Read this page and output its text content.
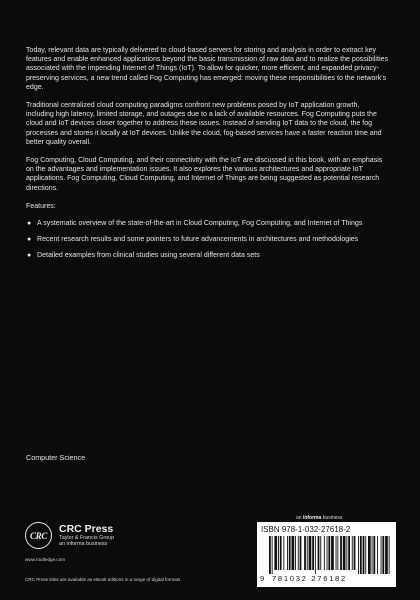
Today, relevant data are typically delivered to cloud-based servers for storing and analysis in order to extract key features and enable enhanced applications beyond the basic transmission of raw data and to realize the possibilities associated with the impending Internet of Things (IoT). To allow for quicker, more efficient, and expanded privacy-preserving services, a new trend called Fog Computing has emerged: moving these responsibilities to the network's edge.

Traditional centralized cloud computing paradigms confront new problems posed by IoT application growth, including high latency, limited storage, and outages due to a lack of available resources. Fog Computing puts the cloud and IoT devices closer together to address these issues. Instead of sending IoT data to the cloud, the fog processes and stores it locally at IoT devices. Unlike the cloud, fog-based services have a faster reaction time and better quality overall.

Fog Computing, Cloud Computing, and their connectivity with the IoT are discussed in this book, with an emphasis on the advantages and implementation issues. It also explores the various architectures and appropriate IoT applications. Fog Computing, Cloud Computing, and Internet of Things are being suggested as potential research directions.

Features:

● A systematic overview of the state-of-the-art in Cloud Computing, Fog Computing, and Internet of Things
● Recent research results and some pointers to future advancements in architectures and methodologies
● Detailed examples from clinical studies using several different data sets
Computer Science
CRC
CRC Press
Taylor & Francis Group
an informa business
www.routledge.com
CRC Press titles are available as eBook editions in a range of digital formats
an informa business
ISBN 978-1-032-27618-2
9 781032 276182
